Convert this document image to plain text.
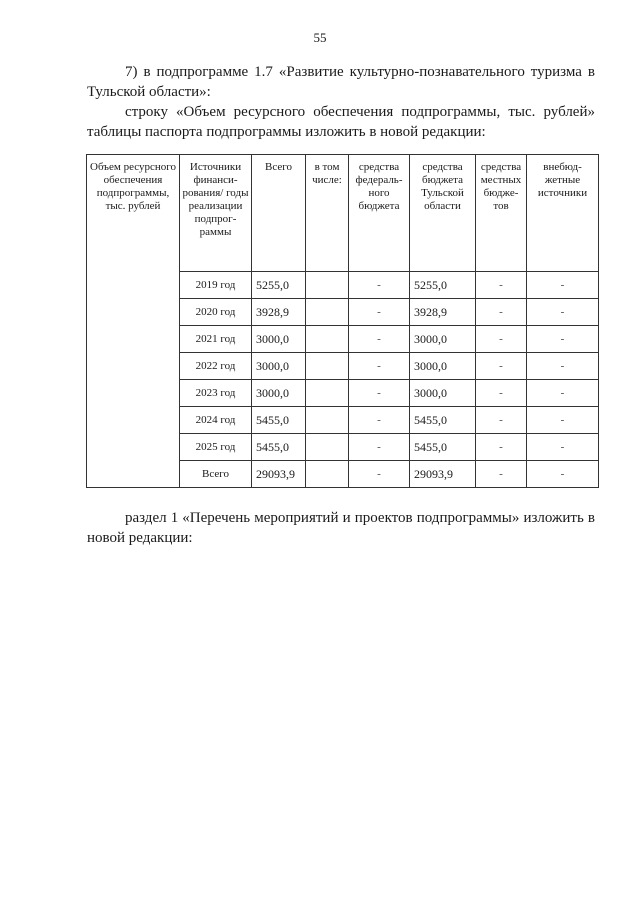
55

7) в подпрограмме 1.7 «Развитие культурно-познавательного туризма в Тульской области»:

строку «Объем ресурсного обеспечения подпрограммы, тыс. рублей» таблицы паспорта подпрограммы изложить в новой редакции:

Объем ресурсного обеспечения подпрограммы, тыс. рублей	Источники финанси-рования/ годы реализации подпрог-раммы	Всего	в том числе:	средства федераль-ного бюджета	средства бюджета Тульской области	средства местных бюдже-тов	внебюд-жетные источники
	2019 год	5255,0		-	5255,0	-	-
	2020 год	3928,9		-	3928,9	-	-
	2021 год	3000,0		-	3000,0	-	-
	2022 год	3000,0		-	3000,0	-	-
	2023 год	3000,0		-	3000,0	-	-
	2024 год	5455,0		-	5455,0	-	-
	2025 год	5455,0		-	5455,0	-	-
	Всего	29093,9		-	29093,9	-	-

раздел 1 «Перечень мероприятий и проектов подпрограммы» изложить в новой редакции:
